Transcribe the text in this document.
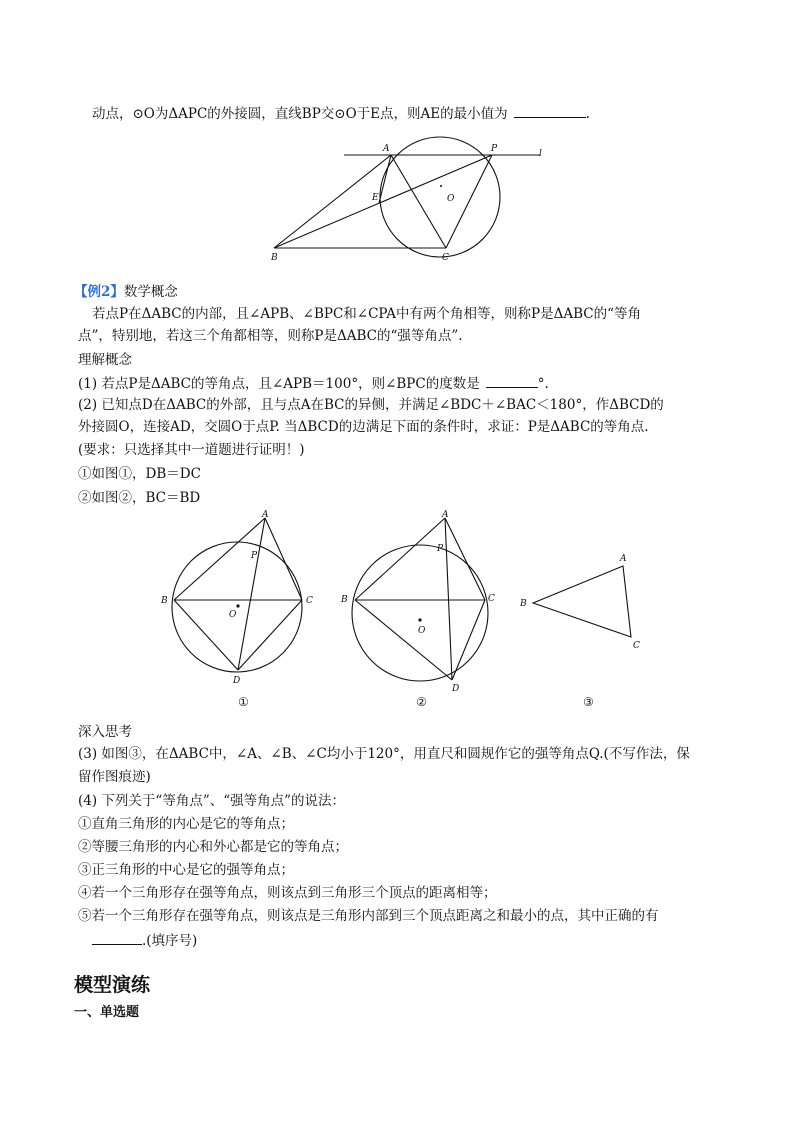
动点，⊙O为ΔAPC的外接圆，直线BP交⊙O于E点，则AE的最小值为	.
A	P	l
E	O
B	C
【例2】数学概念
若点P在ΔABC的内部，且∠APB、∠BPC和∠CPA中有两个角相等，则称P是ΔABC的“等角
点”，特别地，若这三个角都相等，则称P是ΔABC的“强等角点”.
理解概念
(1) 若点P是ΔABC的等角点，且∠APB＝100°，则∠BPC的度数是	°.
(2) 已知点D在ΔABC的外部，且与点A在BC的异侧，并满足∠BDC＋∠BAC＜180°，作ΔBCD的
外接圆O，连接AD，交圆O于点P. 当ΔBCD的边满足下面的条件时，求证：P是ΔABC的等角点.
(要求：只选择其中一道题进行证明！)
①如图①，DB＝DC
②如图②，BC＝BD
A
P
B	C
O
D
①
A
P
B	C
O
D
②
A
B
C
③
深入思考
(3) 如图③，在ΔABC中，∠A、∠B、∠C均小于120°，用直尺和圆规作它的强等角点Q.(不写作法，保
留作图痕迹)
(4) 下列关于“等角点”、“强等角点”的说法：
①直角三角形的内心是它的等角点；
②等腰三角形的内心和外心都是它的等角点；
③正三角形的中心是它的强等角点；
④若一个三角形存在强等角点，则该点到三角形三个顶点的距离相等；
⑤若一个三角形存在强等角点，则该点是三角形内部到三个顶点距离之和最小的点，其中正确的有
.(填序号)
模型演练
一、单选题
